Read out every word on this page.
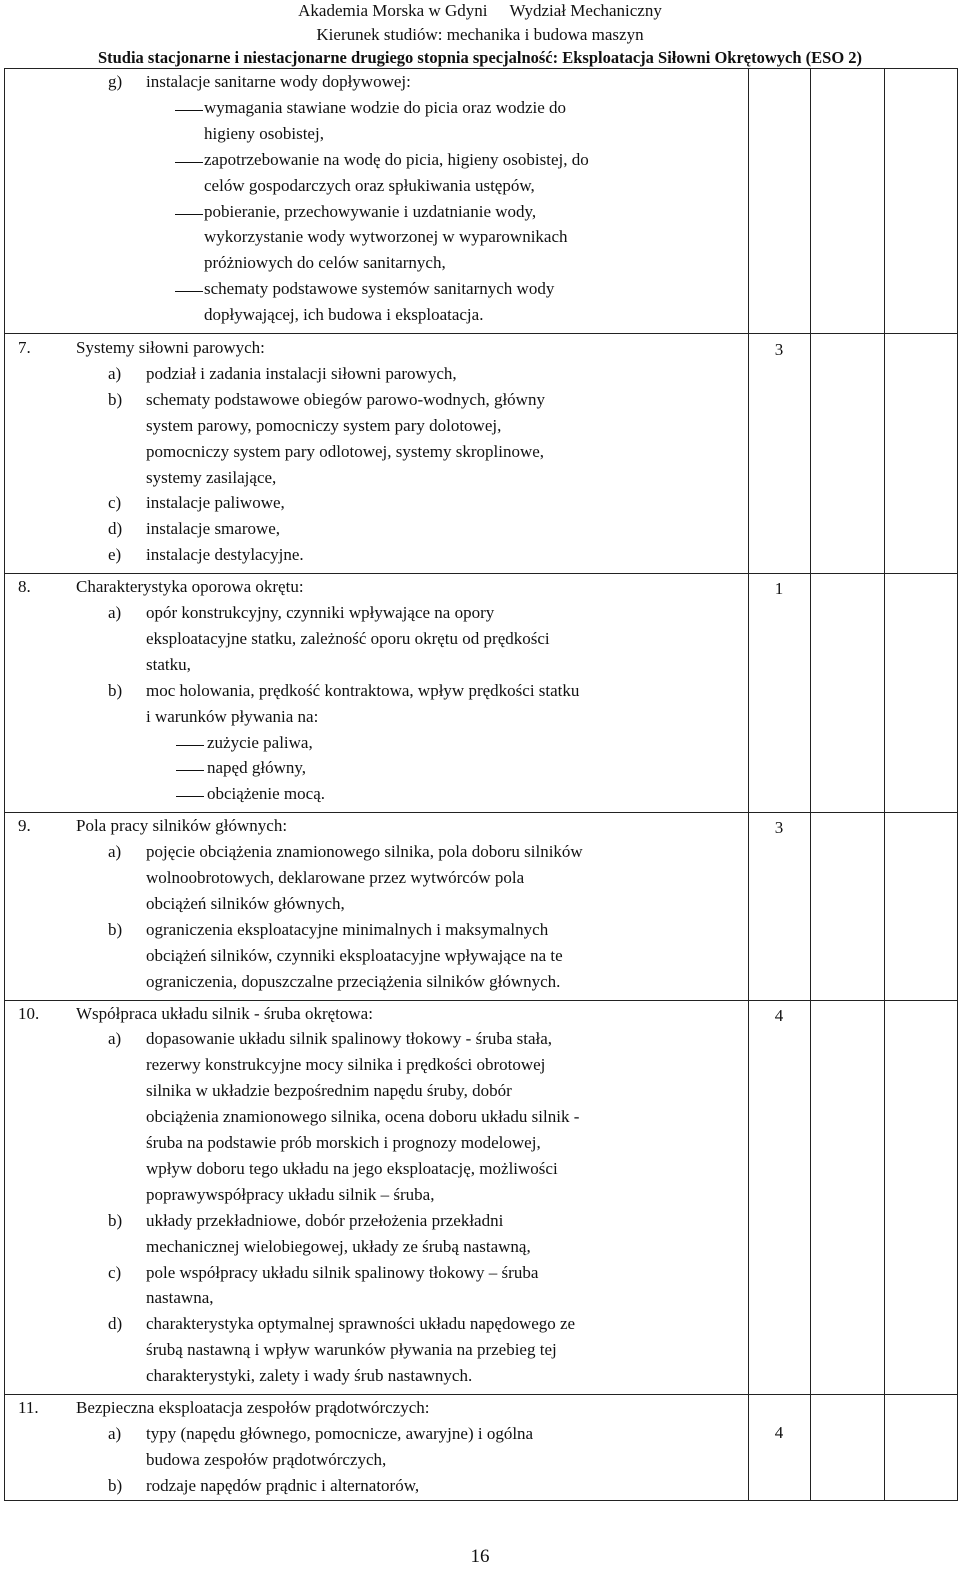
Akademia Morska w Gdyni Wydział Mechaniczny
Kierunek studiów: mechanika i budowa maszyn
Studia stacjonarne i niestacjonarne drugiego stopnia specjalność: Eksploatacja Siłowni Okrętowych (ESO 2)
g) instalacje sanitarne wody dopływowej:
wymagania stawiane wodzie do picia oraz wodzie do
higieny osobistej,
zapotrzebowanie na wodę do picia, higieny osobistej, do
celów gospodarczych oraz spłukiwania ustępów,
pobieranie, przechowywanie i uzdatnianie wody,
wykorzystanie wody wytworzonej w wyparownikach
próżniowych do celów sanitarnych,
schematy podstawowe systemów sanitarnych wody
dopływającej, ich budowa i eksploatacja.
7.	Systemy siłowni parowych:	3
a) podział i zadania instalacji siłowni parowych,
b) schematy podstawowe obiegów parowo-wodnych, główny
system parowy, pomocniczy system pary dolotowej,
pomocniczy system pary odlotowej, systemy skroplinowe,
systemy zasilające,
c) instalacje paliwowe,
d) instalacje smarowe,
e) instalacje destylacyjne.
8.	Charakterystyka oporowa okrętu:	1
a) opór konstrukcyjny, czynniki wpływające na opory
eksploatacyjne statku, zależność oporu okrętu od prędkości
statku,
b) moc holowania, prędkość kontraktowa, wpływ prędkości statku
i warunków pływania na:
zużycie paliwa,
napęd główny,
obciążenie mocą.
9.	Pola pracy silników głównych:	3
a) pojęcie obciążenia znamionowego silnika, pola doboru silników
wolnoobrotowych, deklarowane przez wytwórców pola
obciążeń silników głównych,
b) ograniczenia eksploatacyjne minimalnych i maksymalnych
obciążeń silników, czynniki eksploatacyjne wpływające na te
ograniczenia, dopuszczalne przeciążenia silników głównych.
10. Współpraca układu silnik - śruba okrętowa:	4
a) dopasowanie układu silnik spalinowy tłokowy - śruba stała,
rezerwy konstrukcyjne mocy silnika i prędkości obrotowej
silnika w układzie bezpośrednim napędu śruby, dobór
obciążenia znamionowego silnika, ocena doboru układu silnik -
śruba na podstawie prób morskich i prognozy modelowej,
wpływ doboru tego układu na jego eksploatację, możliwości
poprawywspółpracy układu silnik – śruba,
b) układy przekładniowe, dobór przełożenia przekładni
mechanicznej wielobiegowej, układy ze śrubą nastawną,
c) pole współpracy układu silnik spalinowy tłokowy – śruba
nastawna,
d) charakterystyka optymalnej sprawności układu napędowego ze
śrubą nastawną i wpływ warunków pływania na przebieg tej
charakterystyki, zalety i wady śrub nastawnych.
11. Bezpieczna eksploatacja zespołów prądotwórczych:
4
a) typy (napędu głównego, pomocnicze, awaryjne) i ogólna
budowa zespołów prądotwórczych,
b) rodzaje napędów prądnic i alternatorów,
16
